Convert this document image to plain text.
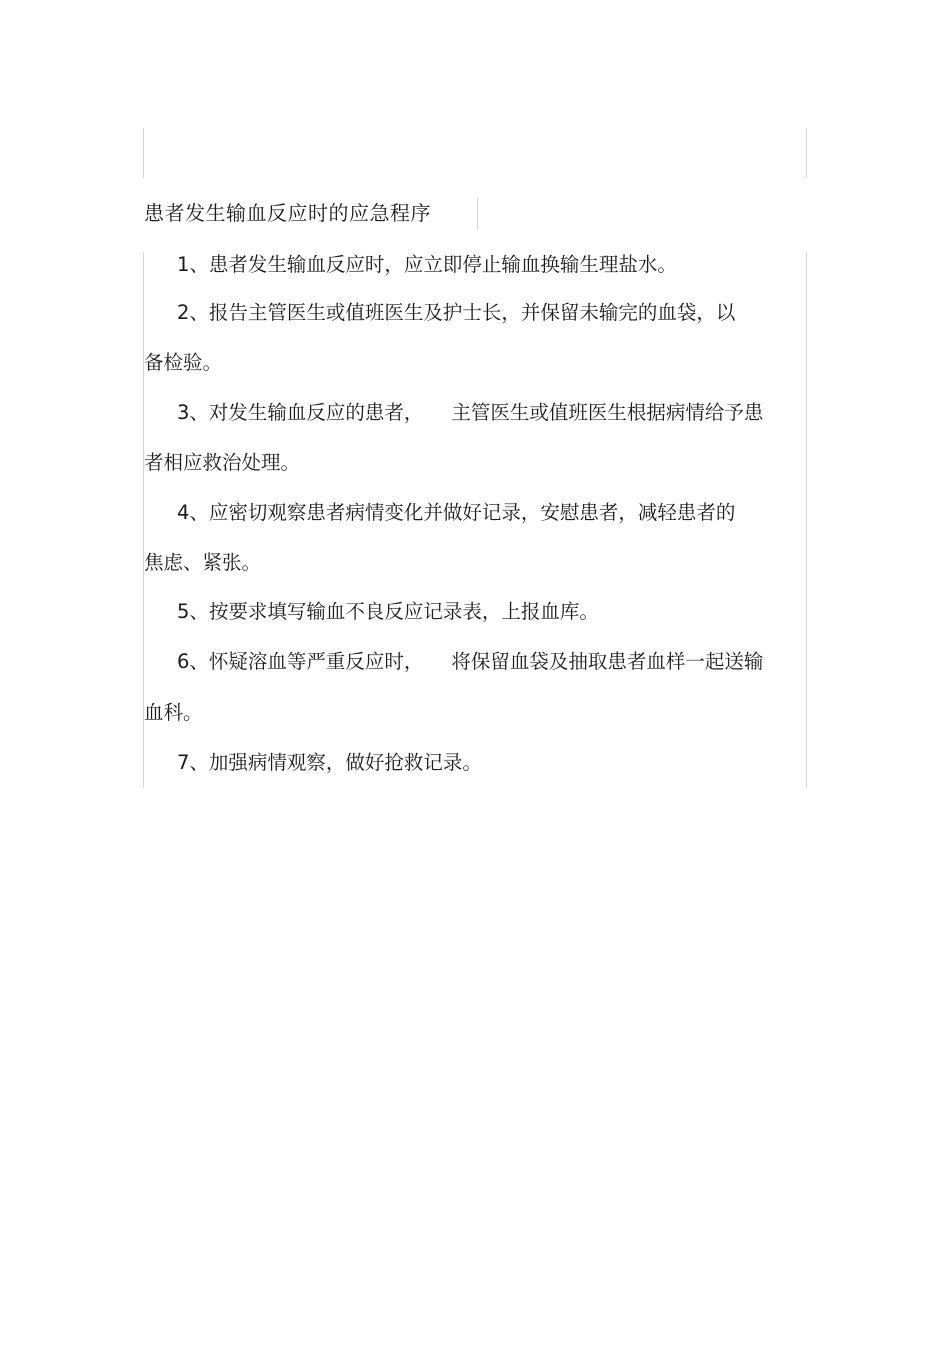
患者发生输血反应时的应急程序
1、患者发生输血反应时，应立即停止输血换输生理盐水。
2、报告主管医生或值班医生及护士长，并保留未输完的血袋，以
备检验。
3、对发生输血反应的患者， 主管医生或值班医生根据病情给予患
者相应救治处理。
4、应密切观察患者病情变化并做好记录，安慰患者，减轻患者的
焦虑、紧张。
5、按要求填写输血不良反应记录表，上报血库。
6、怀疑溶血等严重反应时， 将保留血袋及抽取患者血样一起送输
血科。
7、加强病情观察，做好抢救记录。
